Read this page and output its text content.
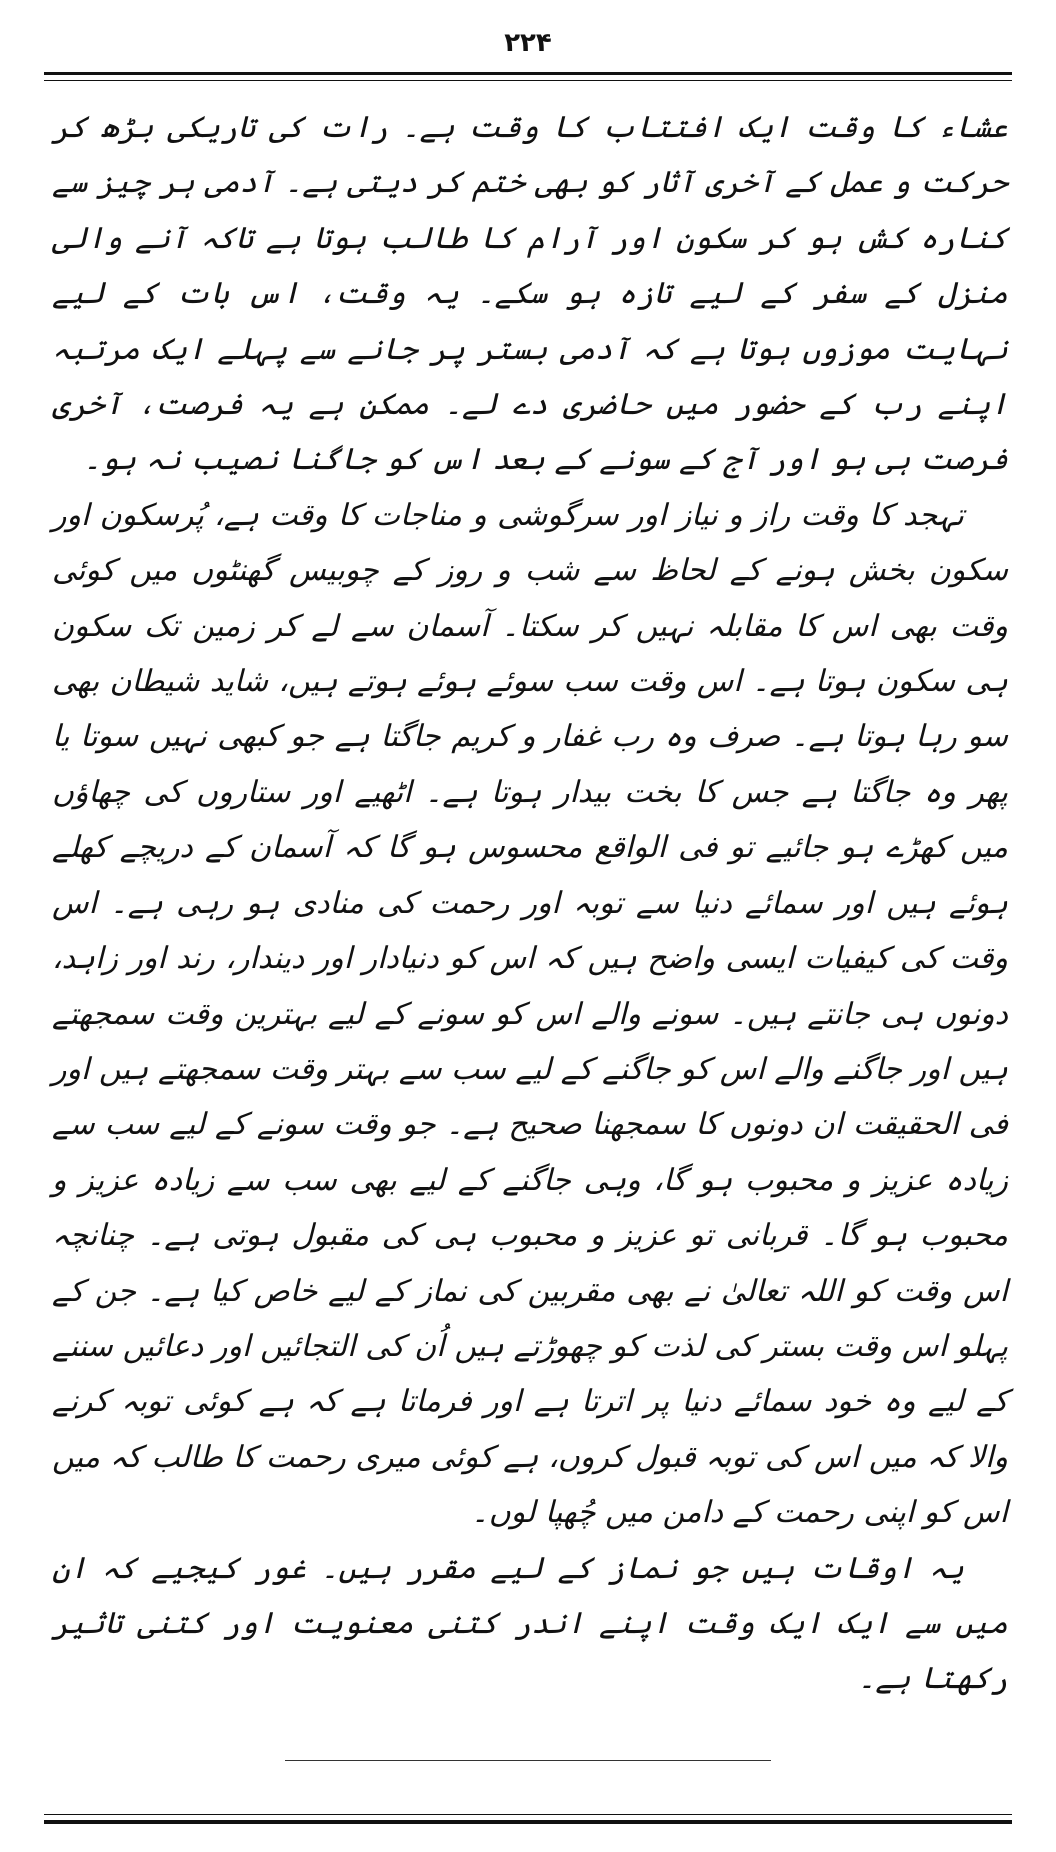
۲۲۴

عشاء کا وقت ایک افتتاب کا وقت ہے۔ رات کی تاریکی بڑھ کر حرکت و عمل کے آخری آثار کو بھی ختم کر دیتی ہے۔ آدمی ہر چیز سے کنارہ کش ہو کر سکون اور آرام کا طالب ہوتا ہے تاکہ آنے والی منزل کے سفر کے لیے تازہ ہو سکے۔ یہ وقت، اس بات کے لیے نہایت موزوں ہوتا ہے کہ آدمی بستر پر جانے سے پہلے ایک مرتبہ اپنے رب کے حضور میں حاضری دے لے۔ ممکن ہے یہ فرصت، آخری فرصت ہی ہو اور آج کے سونے کے بعد اس کو جاگنا نصیب نہ ہو۔

تہجد کا وقت راز و نیاز اور سرگوشی و مناجات کا وقت ہے، پُرسکون اور سکون بخش ہونے کے لحاظ سے شب و روز کے چوبیس گھنٹوں میں کوئی وقت بھی اس کا مقابلہ نہیں کر سکتا۔ آسمان سے لے کر زمین تک سکون ہی سکون ہوتا ہے۔ اس وقت سب سوئے ہوئے ہوتے ہیں، شاید شیطان بھی سو رہا ہوتا ہے۔ صرف وہ رب غفار و کریم جاگتا ہے جو کبھی نہیں سوتا یا پھر وہ جاگتا ہے جس کا بخت بیدار ہوتا ہے۔ اٹھیے اور ستاروں کی چھاؤں میں کھڑے ہو جائیے تو فی الواقع محسوس ہو گا کہ آسمان کے دریچے کھلے ہوئے ہیں اور سمائے دنیا سے توبہ اور رحمت کی منادی ہو رہی ہے۔ اس وقت کی کیفیات ایسی واضح ہیں کہ اس کو دنیادار اور دیندار، رند اور زاہد، دونوں ہی جانتے ہیں۔ سونے والے اس کو سونے کے لیے بہترین وقت سمجھتے ہیں اور جاگنے والے اس کو جاگنے کے لیے سب سے بہتر وقت سمجھتے ہیں اور فی الحقیقت ان دونوں کا سمجھنا صحیح ہے۔ جو وقت سونے کے لیے سب سے زیادہ عزیز و محبوب ہو گا، وہی جاگنے کے لیے بھی سب سے زیادہ عزیز و محبوب ہو گا۔ قربانی تو عزیز و محبوب ہی کی مقبول ہوتی ہے۔ چنانچہ اس وقت کو اللہ تعالیٰ نے بھی مقربین کی نماز کے لیے خاص کیا ہے۔ جن کے پہلو اس وقت بستر کی لذت کو چھوڑتے ہیں اُن کی التجائیں اور دعائیں سننے کے لیے وہ خود سمائے دنیا پر اترتا ہے اور فرماتا ہے کہ ہے کوئی توبہ کرنے والا کہ میں اس کی توبہ قبول کروں، ہے کوئی میری رحمت کا طالب کہ میں اس کو اپنی رحمت کے دامن میں چُھپا لوں۔

یہ اوقات ہیں جو نماز کے لیے مقرر ہیں۔ غور کیجیے کہ ان میں سے ایک ایک وقت اپنے اندر کتنی معنویت اور کتنی تاثیر رکھتا ہے۔
